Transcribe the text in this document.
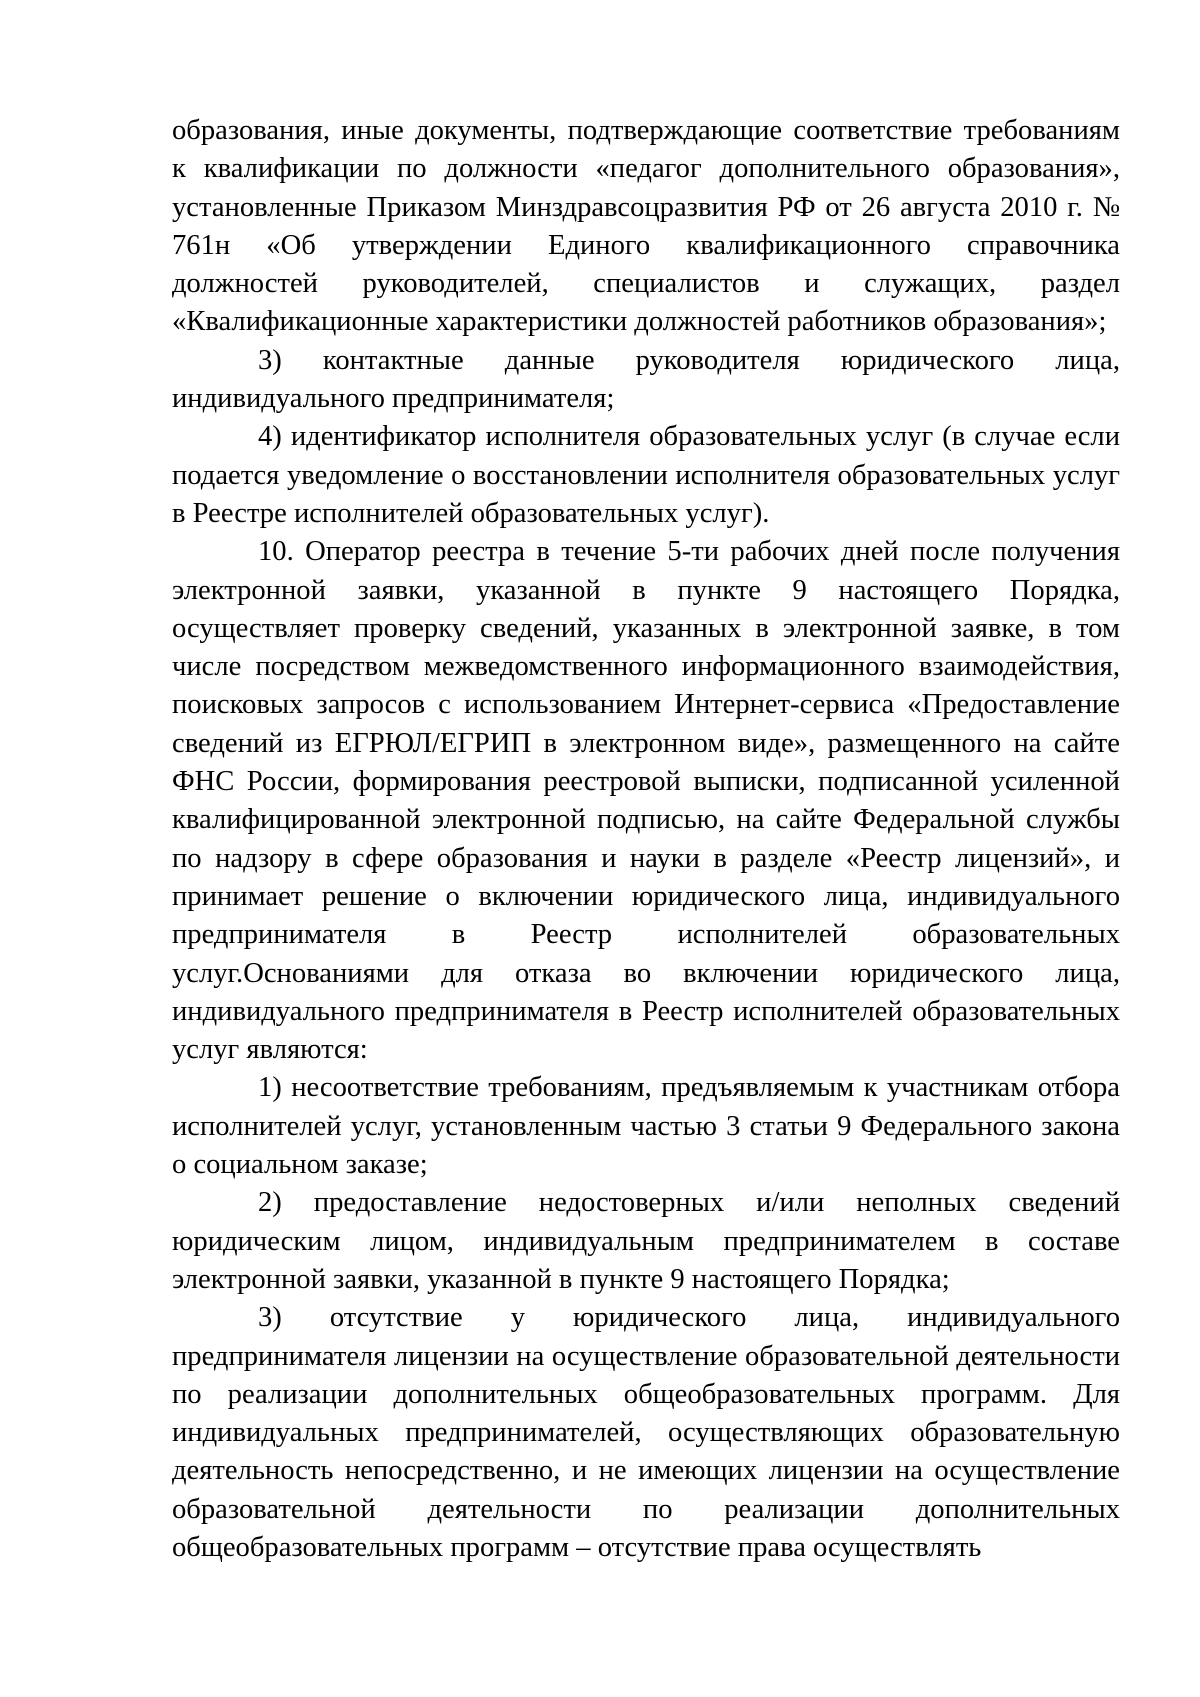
образования, иные документы, подтверждающие соответствие требованиям к квалификации по должности «педагог дополнительного образования», установленные Приказом Минздравсоцразвития РФ от 26 августа 2010 г. № 761н «Об утверждении Единого квалификационного справочника должностей руководителей, специалистов и служащих, раздел «Квалификационные характеристики должностей работников образования»;

3) контактные данные руководителя юридического лица, индивидуального предпринимателя;

4) идентификатор исполнителя образовательных услуг (в случае если подается уведомление о восстановлении исполнителя образовательных услуг в Реестре исполнителей образовательных услуг).

10. Оператор реестра в течение 5-ти рабочих дней после получения электронной заявки, указанной в пункте 9 настоящего Порядка, осуществляет проверку сведений, указанных в электронной заявке, в том числе посредством межведомственного информационного взаимодействия, поисковых запросов с использованием Интернет-сервиса «Предоставление сведений из ЕГРЮЛ/ЕГРИП в электронном виде», размещенного на сайте ФНС России, формирования реестровой выписки, подписанной усиленной квалифицированной электронной подписью, на сайте Федеральной службы по надзору в сфере образования и науки в разделе «Реестр лицензий», и принимает решение о включении юридического лица, индивидуального предпринимателя в Реестр исполнителей образовательных услуг.Основаниями для отказа во включении юридического лица, индивидуального предпринимателя в Реестр исполнителей образовательных услуг являются:

1) несоответствие требованиям, предъявляемым к участникам отбора исполнителей услуг, установленным частью 3 статьи 9 Федерального закона о социальном заказе;

2) предоставление недостоверных и/или неполных сведений юридическим лицом, индивидуальным предпринимателем в составе электронной заявки, указанной в пункте 9 настоящего Порядка;

3) отсутствие у юридического лица, индивидуального предпринимателя лицензии на осуществление образовательной деятельности по реализации дополнительных общеобразовательных программ. Для индивидуальных предпринимателей, осуществляющих образовательную деятельность непосредственно, и не имеющих лицензии на осуществление образовательной деятельности по реализации дополнительных общеобразовательных программ – отсутствие права осуществлять
